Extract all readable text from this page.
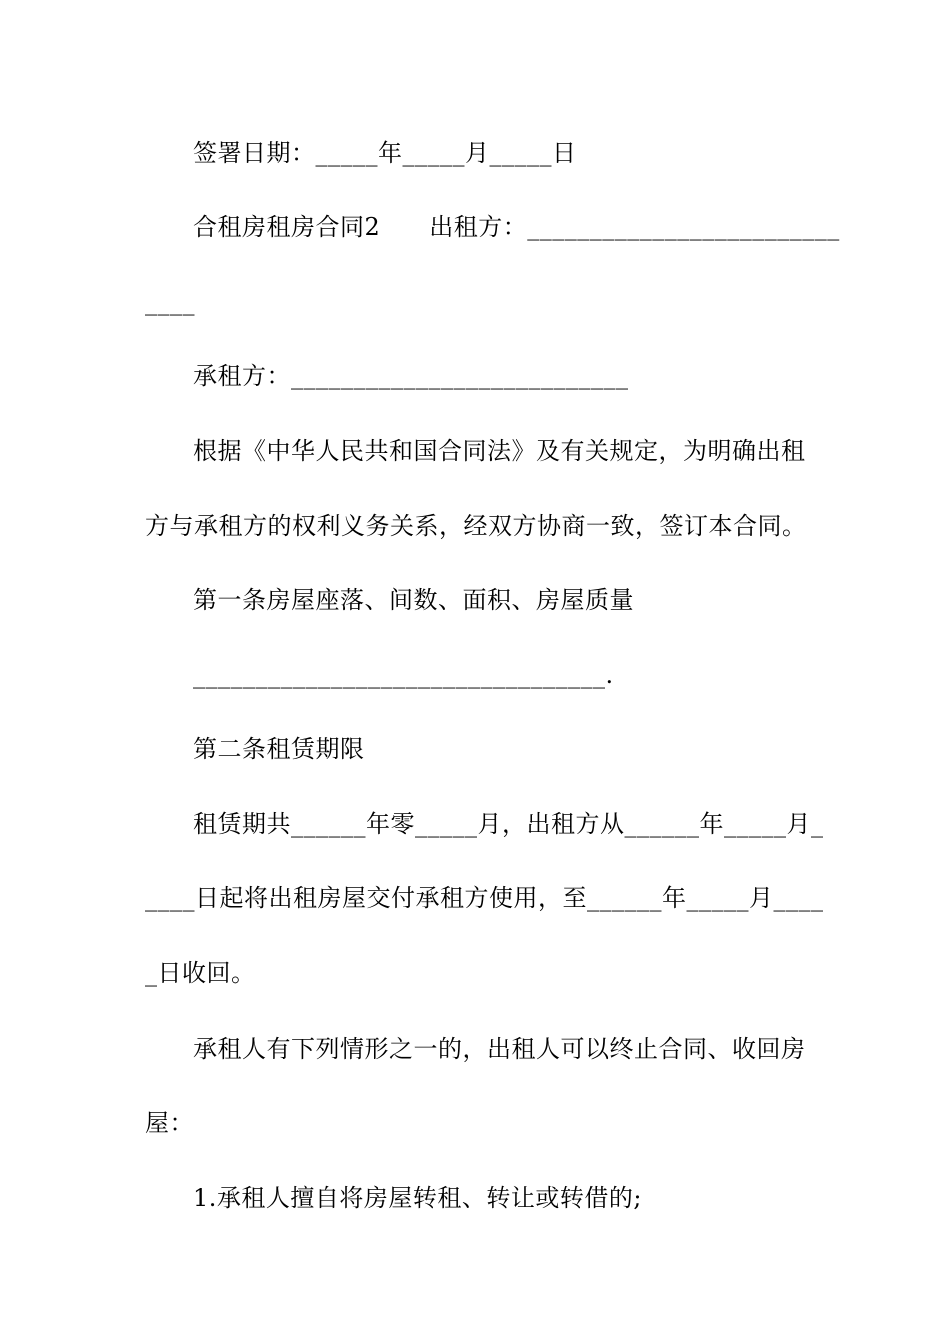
签署日期：_____年_____月_____日
合租房租房合同2　　出租方：_________________________
____
承租方：___________________________
根据《中华人民共和国合同法》及有关规定，为明确出租
方与承租方的权利义务关系，经双方协商一致，签订本合同。
第一条房屋座落、间数、面积、房屋质量
_________________________________.
第二条租赁期限
租赁期共______年零_____月，出租方从______年_____月_
____日起将出租房屋交付承租方使用，至______年_____月____
_日收回。
承租人有下列情形之一的，出租人可以终止合同、收回房
屋：
1.承租人擅自将房屋转租、转让或转借的;
